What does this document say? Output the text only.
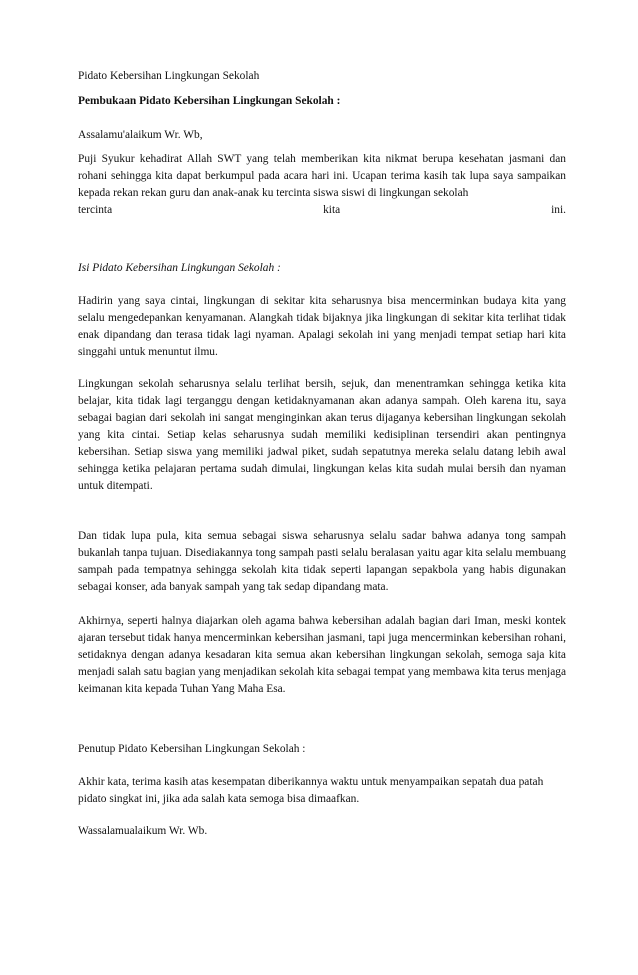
Pidato Kebersihan Lingkungan Sekolah

Pembukaan Pidato Kebersihan Lingkungan Sekolah :

Assalamu'alaikum Wr. Wb,

Puji Syukur kehadirat Allah SWT yang telah memberikan kita nikmat berupa kesehatan jasmani dan rohani sehingga kita dapat berkumpul pada acara hari ini. Ucapan terima kasih tak lupa saya sampaikan kepada rekan rekan guru dan anak-anak ku tercinta siswa siswi di lingkungan sekolah

tercinta	kita	ini.

Isi Pidato Kebersihan Lingkungan Sekolah :

Hadirin yang saya cintai, lingkungan di sekitar kita seharusnya bisa mencerminkan budaya kita yang selalu mengedepankan kenyamanan. Alangkah tidak bijaknya jika lingkungan di sekitar kita terlihat tidak enak dipandang dan terasa tidak lagi nyaman. Apalagi sekolah ini yang menjadi tempat setiap hari kita singgahi untuk menuntut ilmu.

Lingkungan sekolah seharusnya selalu terlihat bersih, sejuk, dan menentramkan sehingga ketika kita belajar, kita tidak lagi terganggu dengan ketidaknyamanan akan adanya sampah. Oleh karena itu, saya sebagai bagian dari sekolah ini sangat menginginkan akan terus dijaganya kebersihan lingkungan sekolah yang kita cintai. Setiap kelas seharusnya sudah memiliki kedisiplinan tersendiri akan pentingnya kebersihan. Setiap siswa yang memiliki jadwal piket, sudah sepatutnya mereka selalu datang lebih awal sehingga ketika pelajaran pertama sudah dimulai, lingkungan kelas kita sudah mulai bersih dan nyaman untuk ditempati.

Dan tidak lupa pula, kita semua sebagai siswa seharusnya selalu sadar bahwa adanya tong sampah bukanlah tanpa tujuan. Disediakannya tong sampah pasti selalu beralasan yaitu agar kita selalu membuang sampah pada tempatnya sehingga sekolah kita tidak seperti lapangan sepakbola yang habis digunakan sebagai konser, ada banyak sampah yang tak sedap dipandang mata.

Akhirnya, seperti halnya diajarkan oleh agama bahwa kebersihan adalah bagian dari Iman, meski kontek ajaran tersebut tidak hanya mencerminkan kebersihan jasmani, tapi juga mencerminkan kebersihan rohani, setidaknya dengan adanya kesadaran kita semua akan kebersihan lingkungan sekolah, semoga saja kita menjadi salah satu bagian yang menjadikan sekolah kita sebagai tempat yang membawa kita terus menjaga keimanan kita kepada Tuhan Yang Maha Esa.

Penutup Pidato Kebersihan Lingkungan Sekolah :

Akhir kata, terima kasih atas kesempatan diberikannya waktu untuk menyampaikan sepatah dua patah pidato singkat ini, jika ada salah kata semoga bisa dimaafkan.

Wassalamualaikum Wr. Wb.
